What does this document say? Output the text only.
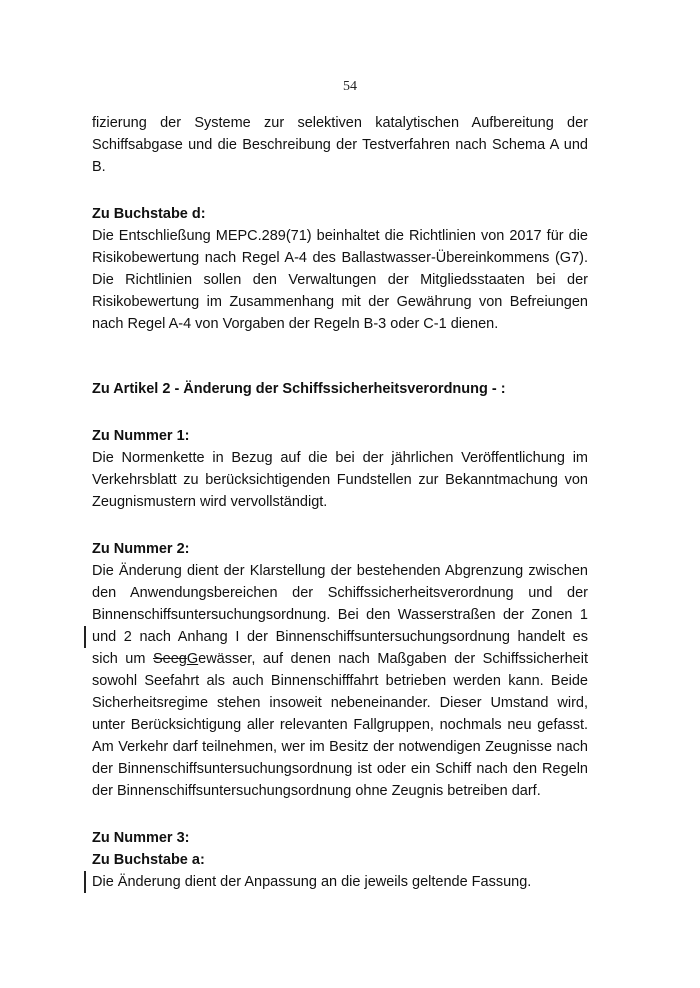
54

fizierung der Systeme zur selektiven katalytischen Aufbereitung der Schiffsabgase und die Beschreibung der Testverfahren nach Schema A und B.

Zu Buchstabe d:

Die Entschließung MEPC.289(71) beinhaltet die Richtlinien von 2017 für die Risikobewertung nach Regel A-4 des Ballastwasser-Übereinkommens (G7). Die Richtlinien sollen den Verwaltungen der Mitgliedsstaaten bei der Risikobewertung im Zusammenhang mit der Gewährung von Befreiungen nach Regel A-4 von Vorgaben der Regeln B-3 oder C-1 dienen.

Zu Artikel 2 - Änderung der Schiffssicherheitsverordnung - :

Zu Nummer 1:

Die Normenkette in Bezug auf die bei der jährlichen Veröffentlichung im Verkehrsblatt zu berücksichtigenden Fundstellen zur Bekanntmachung von Zeugnismustern wird vervollständigt.

Zu Nummer 2:

Die Änderung dient der Klarstellung der bestehenden Abgrenzung zwischen den Anwendungsbereichen der Schiffssicherheitsverordnung und der Binnenschiffsuntersuchungsordnung. Bei den Wasserstraßen der Zonen 1 und 2 nach Anhang I der Binnenschiffsuntersuchungsordnung handelt es sich um SeegGewässer, auf denen nach Maßgaben der Schiffssicherheit sowohl Seefahrt als auch Binnenschifffahrt betrieben werden kann. Beide Sicherheitsregime stehen insoweit nebeneinander. Dieser Umstand wird, unter Berücksichtigung aller relevanten Fallgruppen, nochmals neu gefasst. Am Verkehr darf teilnehmen, wer im Besitz der notwendigen Zeugnisse nach der Binnenschiffsuntersuchungsordnung ist oder ein Schiff nach den Regeln der Binnenschiffsuntersuchungsordnung ohne Zeugnis betreiben darf.

Zu Nummer 3:

Zu Buchstabe a:

Die Änderung dient der Anpassung an die jeweils geltende Fassung.
